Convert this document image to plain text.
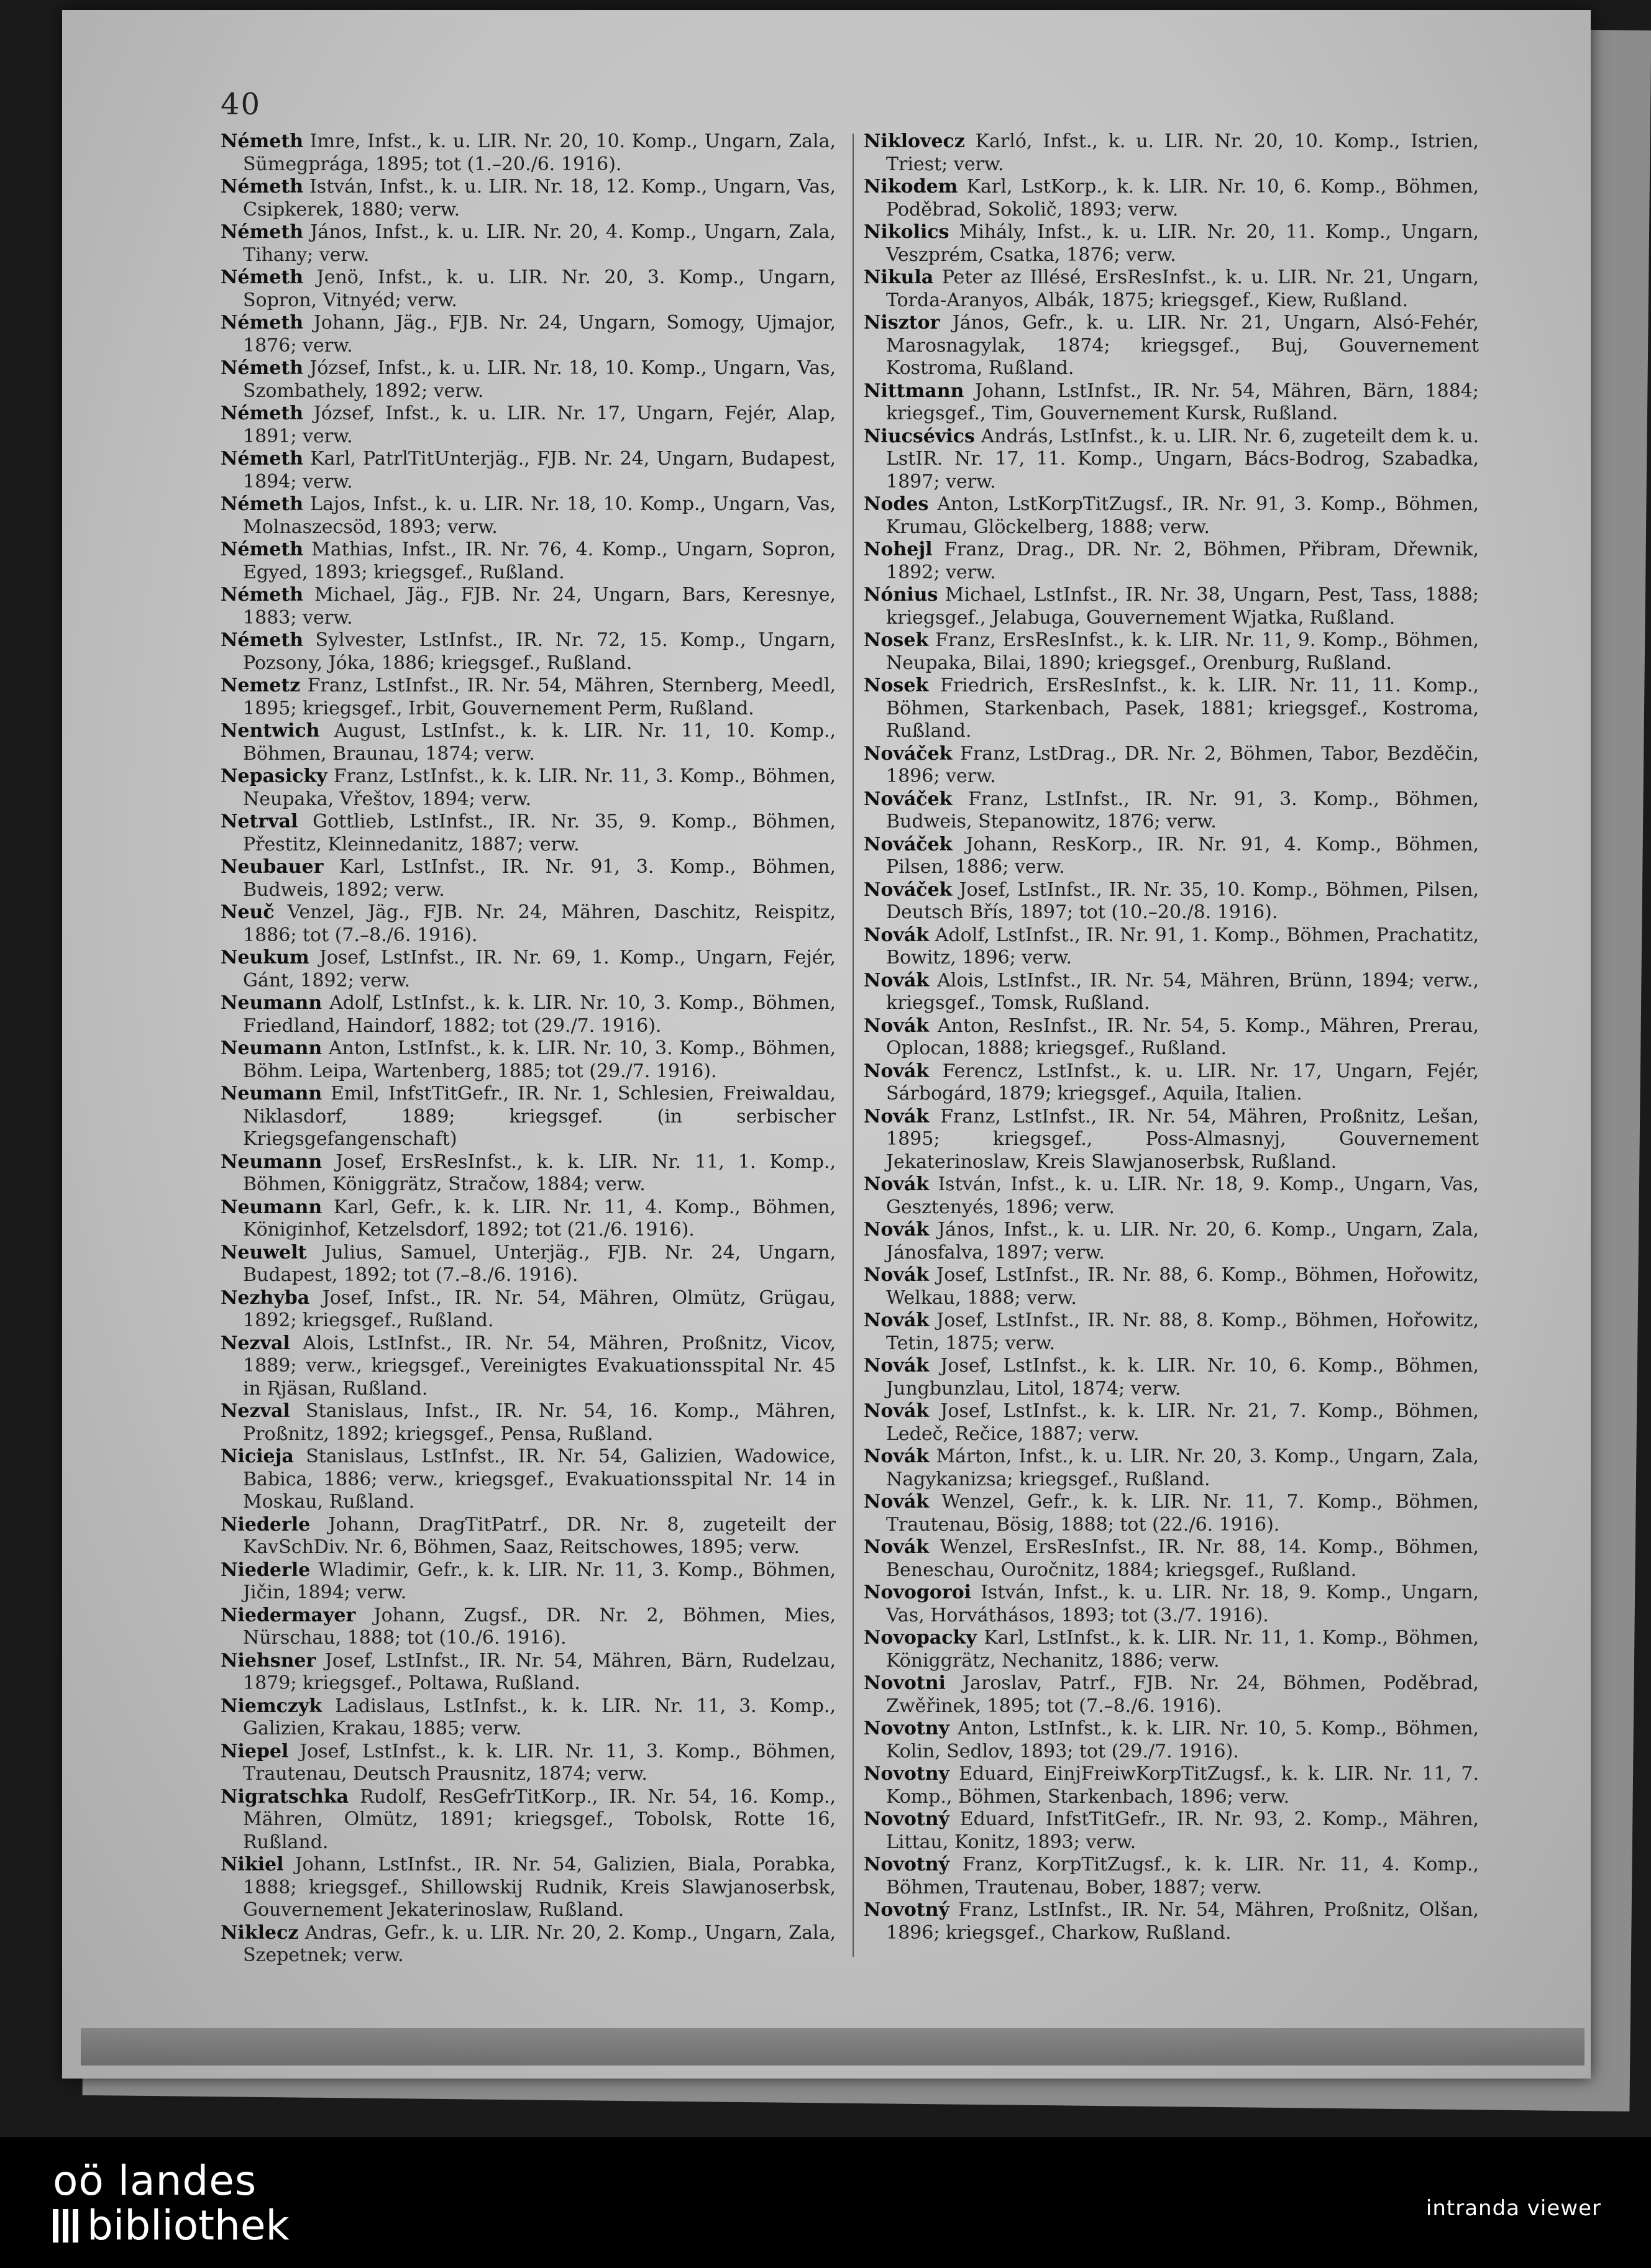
40

Németh Imre, Infst., k. u. LIR. Nr. 20, 10. Komp., Ungarn, Zala, Sümegprága, 1895; tot (1.–20./6. 1916).

Németh István, Infst., k. u. LIR. Nr. 18, 12. Komp., Ungarn, Vas, Csipkerek, 1880; verw.

Németh János, Infst., k. u. LIR. Nr. 20, 4. Komp., Ungarn, Zala, Tihany; verw.

Németh Jenö, Infst., k. u. LIR. Nr. 20, 3. Komp., Ungarn, Sopron, Vitnyéd; verw.

Németh Johann, Jäg., FJB. Nr. 24, Ungarn, Somogy, Ujmajor, 1876; verw.

Németh József, Infst., k. u. LIR. Nr. 18, 10. Komp., Ungarn, Vas, Szombathely, 1892; verw.

Németh József, Infst., k. u. LIR. Nr. 17, Ungarn, Fejér, Alap, 1891; verw.

Németh Karl, PatrlTitUnterjäg., FJB. Nr. 24, Ungarn, Budapest, 1894; verw.

Németh Lajos, Infst., k. u. LIR. Nr. 18, 10. Komp., Ungarn, Vas, Molnaszecsöd, 1893; verw.

Németh Mathias, Infst., IR. Nr. 76, 4. Komp., Ungarn, Sopron, Egyed, 1893; kriegsgef., Rußland.

Németh Michael, Jäg., FJB. Nr. 24, Ungarn, Bars, Keresnye, 1883; verw.

Németh Sylvester, LstInfst., IR. Nr. 72, 15. Komp., Ungarn, Pozsony, Jóka, 1886; kriegsgef., Rußland.

Nemetz Franz, LstInfst., IR. Nr. 54, Mähren, Sternberg, Meedl, 1895; kriegsgef., Irbit, Gouvernement Perm, Rußland.

Nentwich August, LstInfst., k. k. LIR. Nr. 11, 10. Komp., Böhmen, Braunau, 1874; verw.

Nepasicky Franz, LstInfst., k. k. LIR. Nr. 11, 3. Komp., Böhmen, Neupaka, Vřeštov, 1894; verw.

Netrval Gottlieb, LstInfst., IR. Nr. 35, 9. Komp., Böhmen, Přestitz, Kleinnedanitz, 1887; verw.

Neubauer Karl, LstInfst., IR. Nr. 91, 3. Komp., Böhmen, Budweis, 1892; verw.

Neuč Venzel, Jäg., FJB. Nr. 24, Mähren, Daschitz, Reispitz, 1886; tot (7.–8./6. 1916).

Neukum Josef, LstInfst., IR. Nr. 69, 1. Komp., Ungarn, Fejér, Gánt, 1892; verw.

Neumann Adolf, LstInfst., k. k. LIR. Nr. 10, 3. Komp., Böhmen, Friedland, Haindorf, 1882; tot (29./7. 1916).

Neumann Anton, LstInfst., k. k. LIR. Nr. 10, 3. Komp., Böhmen, Böhm. Leipa, Wartenberg, 1885; tot (29./7. 1916).

Neumann Emil, InfstTitGefr., IR. Nr. 1, Schlesien, Freiwaldau, Niklasdorf, 1889; kriegsgef. (in serbischer Kriegsgefangenschaft)

Neumann Josef, ErsResInfst., k. k. LIR. Nr. 11, 1. Komp., Böhmen, Königgrätz, Stračow, 1884; verw.

Neumann Karl, Gefr., k. k. LIR. Nr. 11, 4. Komp., Böhmen, Königinhof, Ketzelsdorf, 1892; tot (21./6. 1916).

Neuwelt Julius, Samuel, Unterjäg., FJB. Nr. 24, Ungarn, Budapest, 1892; tot (7.–8./6. 1916).

Nezhyba Josef, Infst., IR. Nr. 54, Mähren, Olmütz, Grügau, 1892; kriegsgef., Rußland.

Nezval Alois, LstInfst., IR. Nr. 54, Mähren, Proßnitz, Vicov, 1889; verw., kriegsgef., Vereinigtes Evakuationsspital Nr. 45 in Rjäsan, Rußland.

Nezval Stanislaus, Infst., IR. Nr. 54, 16. Komp., Mähren, Proßnitz, 1892; kriegsgef., Pensa, Rußland.

Nicieja Stanislaus, LstInfst., IR. Nr. 54, Galizien, Wadowice, Babica, 1886; verw., kriegsgef., Evakuationsspital Nr. 14 in Moskau, Rußland.

Niederle Johann, DragTitPatrf., DR. Nr. 8, zugeteilt der KavSchDiv. Nr. 6, Böhmen, Saaz, Reitschowes, 1895; verw.

Niederle Wladimir, Gefr., k. k. LIR. Nr. 11, 3. Komp., Böhmen, Jičin, 1894; verw.

Niedermayer Johann, Zugsf., DR. Nr. 2, Böhmen, Mies, Nürschau, 1888; tot (10./6. 1916).

Niehsner Josef, LstInfst., IR. Nr. 54, Mähren, Bärn, Rudelzau, 1879; kriegsgef., Poltawa, Rußland.

Niemczyk Ladislaus, LstInfst., k. k. LIR. Nr. 11, 3. Komp., Galizien, Krakau, 1885; verw.

Niepel Josef, LstInfst., k. k. LIR. Nr. 11, 3. Komp., Böhmen, Trautenau, Deutsch Prausnitz, 1874; verw.

Nigratschka Rudolf, ResGefrTitKorp., IR. Nr. 54, 16. Komp., Mähren, Olmütz, 1891; kriegsgef., Tobolsk, Rotte 16, Rußland.

Nikiel Johann, LstInfst., IR. Nr. 54, Galizien, Biala, Porabka, 1888; kriegsgef., Shillowskij Rudnik, Kreis Slawjanoserbsk, Gouvernement Jekaterinoslaw, Rußland.

Niklecz Andras, Gefr., k. u. LIR. Nr. 20, 2. Komp., Ungarn, Zala, Szepetnek; verw.

Niklovecz Karló, Infst., k. u. LIR. Nr. 20, 10. Komp., Istrien, Triest; verw.

Nikodem Karl, LstKorp., k. k. LIR. Nr. 10, 6. Komp., Böhmen, Poděbrad, Sokolič, 1893; verw.

Nikolics Mihály, Infst., k. u. LIR. Nr. 20, 11. Komp., Ungarn, Veszprém, Csatka, 1876; verw.

Nikula Peter az Illésé, ErsResInfst., k. u. LIR. Nr. 21, Ungarn, Torda-Aranyos, Albák, 1875; kriegsgef., Kiew, Rußland.

Nisztor János, Gefr., k. u. LIR. Nr. 21, Ungarn, Alsó-Fehér, Marosnagylak, 1874; kriegsgef., Buj, Gouvernement Kostroma, Rußland.

Nittmann Johann, LstInfst., IR. Nr. 54, Mähren, Bärn, 1884; kriegsgef., Tim, Gouvernement Kursk, Rußland.

Niucsévics András, LstInfst., k. u. LIR. Nr. 6, zugeteilt dem k. u. LstIR. Nr. 17, 11. Komp., Ungarn, Bács-Bodrog, Szabadka, 1897; verw.

Nodes Anton, LstKorpTitZugsf., IR. Nr. 91, 3. Komp., Böhmen, Krumau, Glöckelberg, 1888; verw.

Nohejl Franz, Drag., DR. Nr. 2, Böhmen, Přibram, Dřewnik, 1892; verw.

Nónius Michael, LstInfst., IR. Nr. 38, Ungarn, Pest, Tass, 1888; kriegsgef., Jelabuga, Gouvernement Wjatka, Rußland.

Nosek Franz, ErsResInfst., k. k. LIR. Nr. 11, 9. Komp., Böhmen, Neupaka, Bilai, 1890; kriegsgef., Orenburg, Rußland.

Nosek Friedrich, ErsResInfst., k. k. LIR. Nr. 11, 11. Komp., Böhmen, Starkenbach, Pasek, 1881; kriegsgef., Kostroma, Rußland.

Nováček Franz, LstDrag., DR. Nr. 2, Böhmen, Tabor, Bezděčin, 1896; verw.

Nováček Franz, LstInfst., IR. Nr. 91, 3. Komp., Böhmen, Budweis, Stepanowitz, 1876; verw.

Nováček Johann, ResKorp., IR. Nr. 91, 4. Komp., Böhmen, Pilsen, 1886; verw.

Nováček Josef, LstInfst., IR. Nr. 35, 10. Komp., Böhmen, Pilsen, Deutsch Břís, 1897; tot (10.–20./8. 1916).

Novák Adolf, LstInfst., IR. Nr. 91, 1. Komp., Böhmen, Prachatitz, Bowitz, 1896; verw.

Novák Alois, LstInfst., IR. Nr. 54, Mähren, Brünn, 1894; verw., kriegsgef., Tomsk, Rußland.

Novák Anton, ResInfst., IR. Nr. 54, 5. Komp., Mähren, Prerau, Oplocan, 1888; kriegsgef., Rußland.

Novák Ferencz, LstInfst., k. u. LIR. Nr. 17, Ungarn, Fejér, Sárbogárd, 1879; kriegsgef., Aquila, Italien.

Novák Franz, LstInfst., IR. Nr. 54, Mähren, Proßnitz, Lešan, 1895; kriegsgef., Poss-Almasnyj, Gouvernement Jekaterinoslaw, Kreis Slawjanoserbsk, Rußland.

Novák István, Infst., k. u. LIR. Nr. 18, 9. Komp., Ungarn, Vas, Gesztenyés, 1896; verw.

Novák János, Infst., k. u. LIR. Nr. 20, 6. Komp., Ungarn, Zala, Jánosfalva, 1897; verw.

Novák Josef, LstInfst., IR. Nr. 88, 6. Komp., Böhmen, Hořowitz, Welkau, 1888; verw.

Novák Josef, LstInfst., IR. Nr. 88, 8. Komp., Böhmen, Hořowitz, Tetin, 1875; verw.

Novák Josef, LstInfst., k. k. LIR. Nr. 10, 6. Komp., Böhmen, Jungbunzlau, Litol, 1874; verw.

Novák Josef, LstInfst., k. k. LIR. Nr. 21, 7. Komp., Böhmen, Ledeč, Rečice, 1887; verw.

Novák Márton, Infst., k. u. LIR. Nr. 20, 3. Komp., Ungarn, Zala, Nagykanizsa; kriegsgef., Rußland.

Novák Wenzel, Gefr., k. k. LIR. Nr. 11, 7. Komp., Böhmen, Trautenau, Bösig, 1888; tot (22./6. 1916).

Novák Wenzel, ErsResInfst., IR. Nr. 88, 14. Komp., Böhmen, Beneschau, Ouročnitz, 1884; kriegsgef., Rußland.

Novogoroi István, Infst., k. u. LIR. Nr. 18, 9. Komp., Ungarn, Vas, Horváthásos, 1893; tot (3./7. 1916).

Novopacky Karl, LstInfst., k. k. LIR. Nr. 11, 1. Komp., Böhmen, Königgrätz, Nechanitz, 1886; verw.

Novotni Jaroslav, Patrf., FJB. Nr. 24, Böhmen, Poděbrad, Zwěřinek, 1895; tot (7.–8./6. 1916).

Novotny Anton, LstInfst., k. k. LIR. Nr. 10, 5. Komp., Böhmen, Kolin, Sedlov, 1893; tot (29./7. 1916).

Novotny Eduard, EinjFreiwKorpTitZugsf., k. k. LIR. Nr. 11, 7. Komp., Böhmen, Starkenbach, 1896; verw.

Novotný Eduard, InfstTitGefr., IR. Nr. 93, 2. Komp., Mähren, Littau, Konitz, 1893; verw.

Novotný Franz, KorpTitZugsf., k. k. LIR. Nr. 11, 4. Komp., Böhmen, Trautenau, Bober, 1887; verw.

Novotný Franz, LstInfst., IR. Nr. 54, Mähren, Proßnitz, Olšan, 1896; kriegsgef., Charkow, Rußland.

oö landes
bibliothek	intranda viewer
